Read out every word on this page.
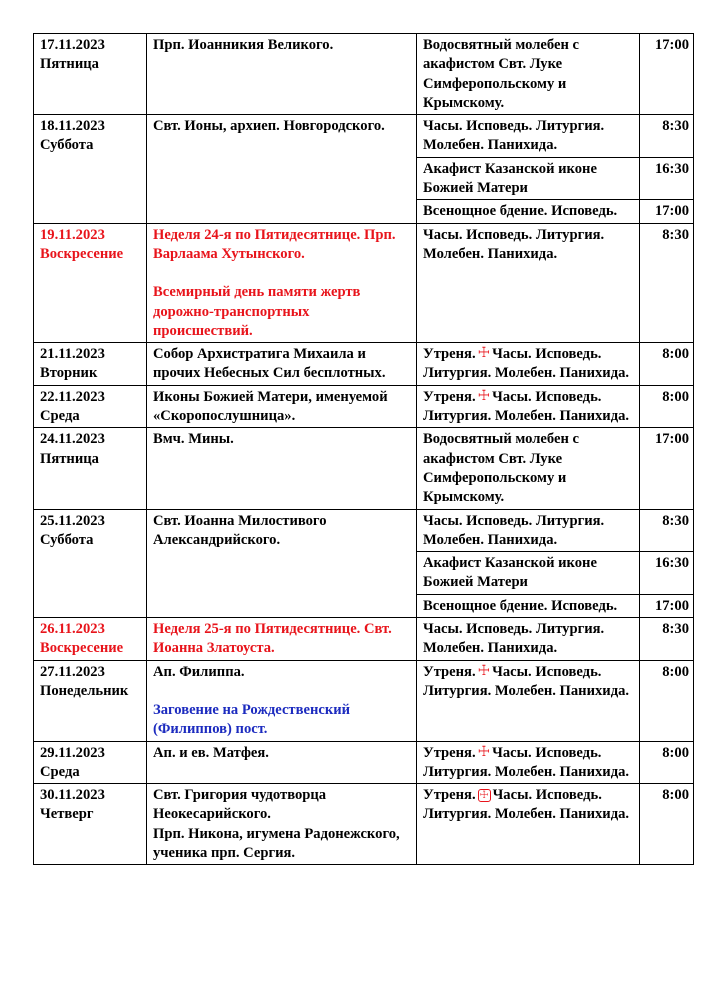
17.11.2023
Пятница	Прп. Иоанникия Великого.	Водосвятный молебен с акафистом Свт. Луке Симферопольскому и Крымскому.	17:00

18.11.2023
Суббота	Свт. Ионы, архиеп. Новгородского.	Часы. Исповедь. Литургия. Молебен. Панихида.	8:30
		Акафист Казанской иконе Божией Матери	16:30
		Всенощное бдение. Исповедь.	17:00

19.11.2023
Воскресение	Неделя 24-я по Пятидесятнице. Прп. Варлаама Хутынского.
Всемирный день памяти жертв дорожно-транспортных происшествий.	Часы. Исповедь. Литургия. Молебен. Панихида.	8:30

21.11.2023
Вторник	Собор Архистратига Михаила и прочих Небесных Сил бесплотных.	Утреня. ☩ Часы. Исповедь. Литургия. Молебен. Панихида.	8:00

22.11.2023
Среда	Иконы Божией Матери, именуемой «Скоропослушница».	Утреня. ☩ Часы. Исповедь. Литургия. Молебен. Панихида.	8:00

24.11.2023
Пятница	Вмч. Мины.	Водосвятный молебен с акафистом Свт. Луке Симферопольскому и Крымскому.	17:00

25.11.2023
Суббота	Свт. Иоанна Милостивого Александрийского.	Часы. Исповедь. Литургия. Молебен. Панихида.	8:30
		Акафист Казанской иконе Божией Матери	16:30
		Всенощное бдение. Исповедь.	17:00

26.11.2023
Воскресение	Неделя 25-я по Пятидесятнице. Свт. Иоанна Златоуста.	Часы. Исповедь. Литургия. Молебен. Панихида.	8:30

27.11.2023
Понедельник	Ап. Филиппа.
Заговение на Рождественский (Филиппов) пост.	Утреня. ☩ Часы. Исповедь. Литургия. Молебен. Панихида.	8:00

29.11.2023
Среда	Ап. и ев. Матфея.	Утреня. ☩ Часы. Исповедь. Литургия. Молебен. Панихида.	8:00

30.11.2023
Четверг	Свт. Григория чудотворца Неокесарийского.
Прп. Никона, игумена Радонежского, ученика прп. Сергия.	Утреня. ☩ Часы. Исповедь. Литургия. Молебен. Панихида.	8:00
